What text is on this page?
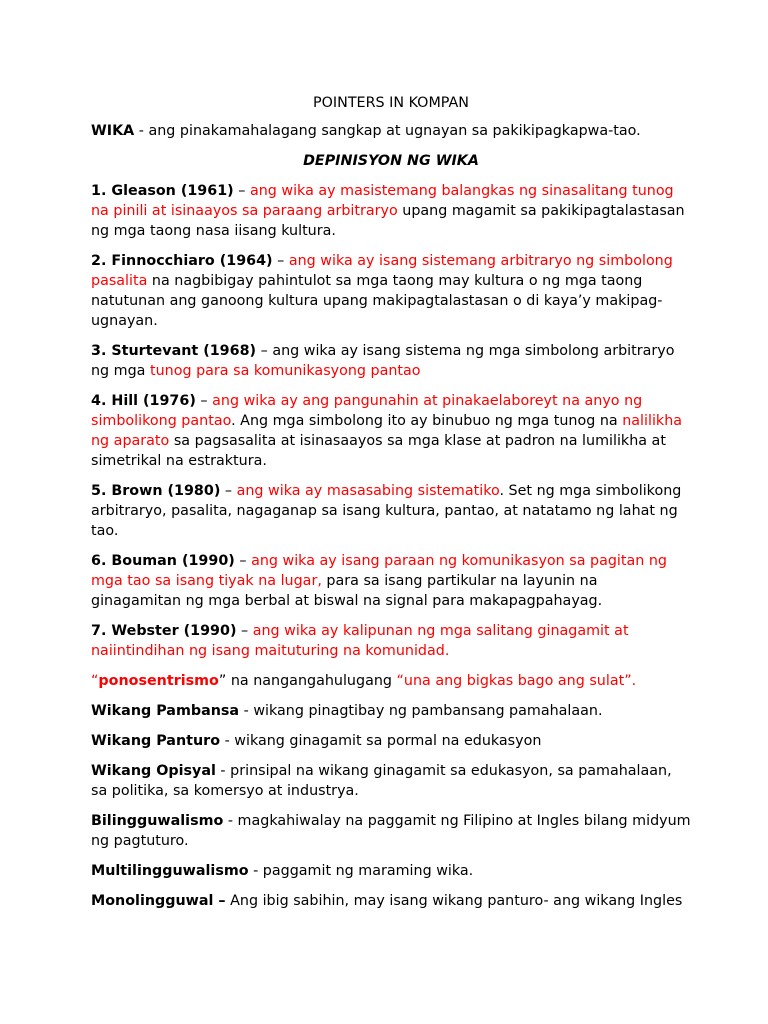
POINTERS IN KOMPAN

WIKA - ang pinakamahalagang sangkap at ugnayan sa pakikipagkapwa-tao.

DEPINISYON NG WIKA

1. Gleason (1961) – ang wika ay masistemang balangkas ng sinasalitang tunog na pinili at isinaayos sa paraang arbitraryo upang magamit sa pakikipagtalastasan ng mga taong nasa iisang kultura.

2. Finnocchiaro (1964) – ang wika ay isang sistemang arbitraryo ng simbolong pasalita na nagbibigay pahintulot sa mga taong may kultura o ng mga taong natutunan ang ganoong kultura upang makipagtalastasan o di kaya’y makipag-ugnayan.

3. Sturtevant (1968) – ang wika ay isang sistema ng mga simbolong arbitraryo ng mga tunog para sa komunikasyong pantao

4. Hill (1976) – ang wika ay ang pangunahin at pinakaelaboreyt na anyo ng simbolikong pantao. Ang mga simbolong ito ay binubuo ng mga tunog na nalilikha ng aparato sa pagsasalita at isinasaayos sa mga klase at padron na lumilikha at simetrikal na estraktura.

5. Brown (1980) – ang wika ay masasabing sistematiko. Set ng mga simbolikong arbitraryo, pasalita, nagaganap sa isang kultura, pantao, at natatamo ng lahat ng tao.

6. Bouman (1990) – ang wika ay isang paraan ng komunikasyon sa pagitan ng mga tao sa isang tiyak na lugar, para sa isang partikular na layunin na ginagamitan ng mga berbal at biswal na signal para makapagpahayag.

7. Webster (1990) – ang wika ay kalipunan ng mga salitang ginagamit at naiintindihan ng isang maituturing na komunidad.

“ponosentrismo” na nangangahulugang “una ang bigkas bago ang sulat”.

Wikang Pambansa - wikang pinagtibay ng pambansang pamahalaan.

Wikang Panturo - wikang ginagamit sa pormal na edukasyon

Wikang Opisyal - prinsipal na wikang ginagamit sa edukasyon, sa pamahalaan, sa politika, sa komersyo at industrya.

Bilingguwalismo - magkahiwalay na paggamit ng Filipino at Ingles bilang midyum ng pagtuturo.

Multilingguwalismo - paggamit ng maraming wika.

Monolingguwal – Ang ibig sabihin, may isang wikang panturo- ang wikang Ingles
